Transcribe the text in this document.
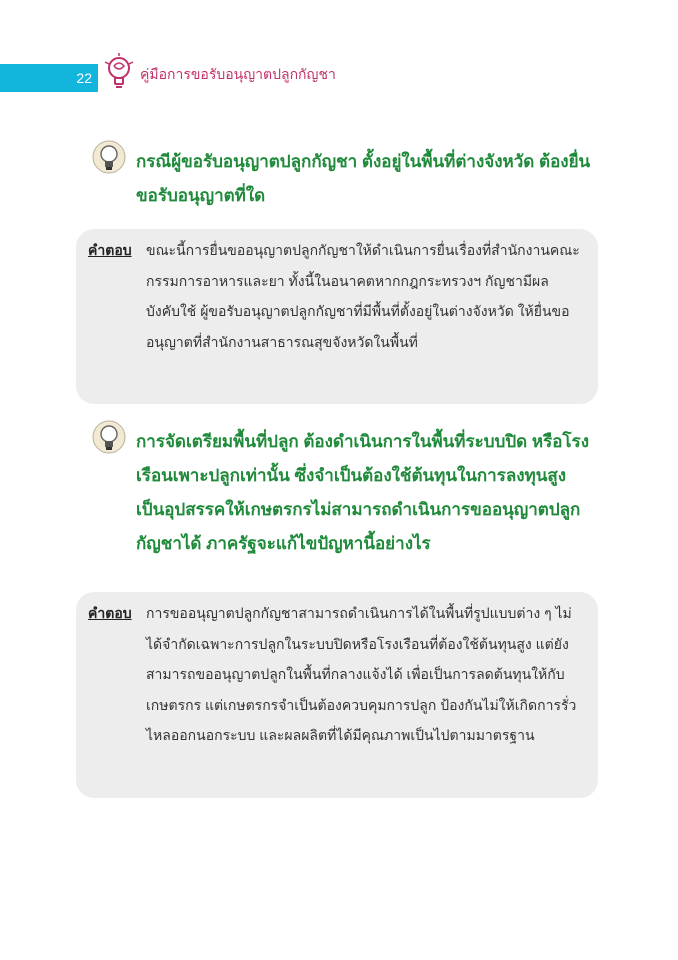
22	คู่มือการขอรับอนุญาตปลูกกัญชา
กรณีผู้ขอรับอนุญาตปลูกกัญชา ตั้งอยู่ในพื้นที่ต่างจังหวัด ต้องยื่นขอรับอนุญาตที่ใด
คำตอบ ขณะนี้การยื่นขออนุญาตปลูกกัญชาให้ดำเนินการยื่นเรื่องที่สำนักงานคณะกรรมการอาหารและยา ทั้งนี้ในอนาคตหากกฎกระทรวงฯ กัญชามีผลบังคับใช้ ผู้ขอรับอนุญาตปลูกกัญชาที่มีพื้นที่ตั้งอยู่ในต่างจังหวัด ให้ยื่นขออนุญาตที่สำนักงานสาธารณสุขจังหวัดในพื้นที่
การจัดเตรียมพื้นที่ปลูก ต้องดำเนินการในพื้นที่ระบบปิด หรือโรงเรือนเพาะปลูกเท่านั้น ซึ่งจำเป็นต้องใช้ต้นทุนในการลงทุนสูง เป็นอุปสรรคให้เกษตรกรไม่สามารถดำเนินการขออนุญาตปลูกกัญชาได้ ภาครัฐจะแก้ไขปัญหานี้อย่างไร
คำตอบ การขออนุญาตปลูกกัญชาสามารถดำเนินการได้ในพื้นที่รูปแบบต่าง ๆ ไม่ได้จำกัดเฉพาะการปลูกในระบบปิดหรือโรงเรือนที่ต้องใช้ต้นทุนสูง แต่ยังสามารถขออนุญาตปลูกในพื้นที่กลางแจ้งได้ เพื่อเป็นการลดต้นทุนให้กับเกษตรกร แต่เกษตรกรจำเป็นต้องควบคุมการปลูก ป้องกันไม่ให้เกิดการรั่วไหลออกนอกระบบ และผลผลิตที่ได้มีคุณภาพเป็นไปตามมาตรฐาน
